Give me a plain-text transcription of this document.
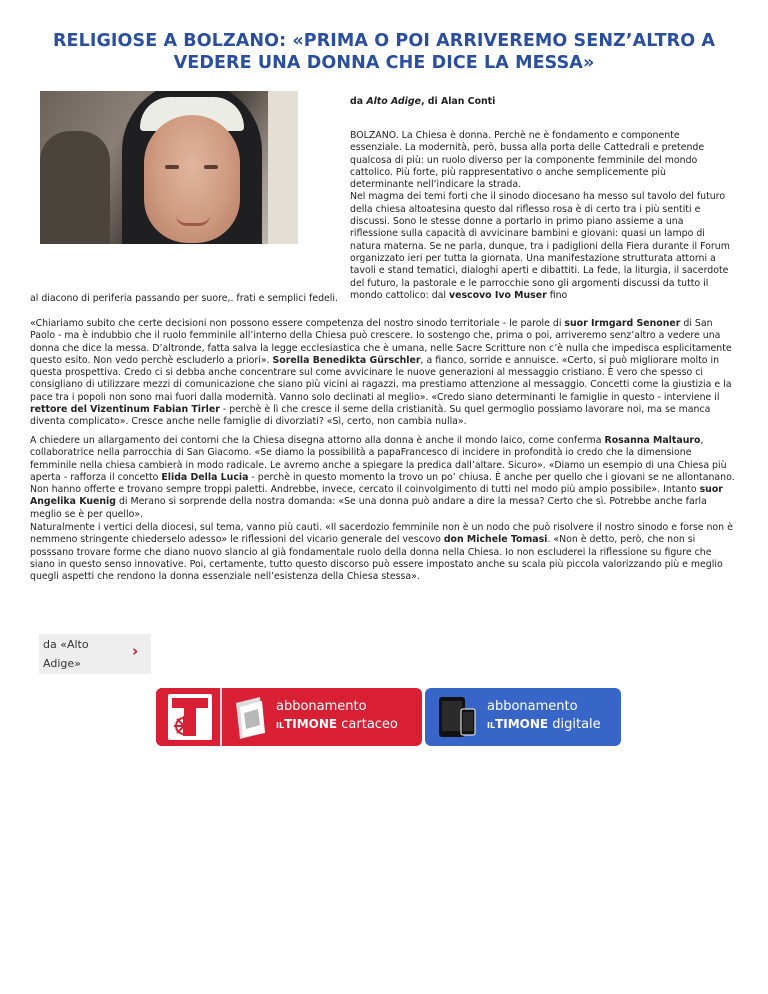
RELIGIOSE A BOLZANO: «PRIMA O POI ARRIVEREMO SENZ’ALTRO A VEDERE UNA DONNA CHE DICE LA MESSA»

da Alto Adige, di Alan Conti

BOLZANO. La Chiesa è donna. Perchè ne è fondamento e componente essenziale. La modernità, però, bussa alla porta delle Cattedrali e pretende qualcosa di più: un ruolo diverso per la componente femminile del mondo cattolico. Più forte, più rappresentativo o anche semplicemente più determinante nell’indicare la strada.
Nel magma dei temi forti che il sinodo diocesano ha messo sul tavolo del futuro della chiesa altoatesina questo dal riflesso rosa è di certo tra i più sentiti e discussi. Sono le stesse donne a portarlo in primo piano assieme a una riflessione sulla capacità di avvicinare bambini e giovani: quasi un lampo di natura materna. Se ne parla, dunque, tra i padiglioni della Fiera durante il Forum organizzato ieri per tutta la giornata. Una manifestazione strutturata attorni a tavoli e stand tematici, dialoghi aperti e dibattiti. La fede, la liturgia, il sacerdote del futuro, la pastorale e le parrocchie sono gli argomenti discussi da tutto il mondo cattolico: dal vescovo Ivo Muser fino

al diacono di periferia passando per suore,. frati e semplici fedeli.

«Chiariamo subito che certe decisioni non possono essere competenza del nostro sinodo territoriale - le parole di suor Irmgard Senoner di San Paolo - ma è indubbio che il ruolo femminile all’interno della Chiesa può crescere. Io sostengo che, prima o poi, arriveremo senz’altro a vedere una donna che dice la messa. D’altronde, fatta salva la legge ecclesiastica che è umana, nelle Sacre Scritture non c’è nulla che impedisca esplicitamente questo esito. Non vedo perchè escluderlo a priori». Sorella Benedikta Gürschler, a fianco, sorride e annuisce. «Certo, si può migliorare molto in questa prospettiva. Credo ci si debba anche concentrare sul come avvicinare le nuove generazioni al messaggio cristiano. È vero che spesso ci consigliano di utilizzare mezzi di comunicazione che siano più vicini ai ragazzi, ma prestiamo attenzione al messaggio. Concetti come la giustizia e la pace tra i popoli non sono mai fuori dalla modernità. Vanno solo declinati al meglio». «Credo siano determinanti le famiglie in questo - interviene il rettore del Vizentinum Fabian Tirler - perchè è lì che cresce il seme della cristianità. Su quel germoglio possiamo lavorare noi, ma se manca diventa complicato». Cresce anche nelle famiglie di divorziati? «Sì, certo, non cambia nulla».

A chiedere un allargamento dei contorni che la Chiesa disegna attorno alla donna è anche il mondo laico, come conferma Rosanna Maltauro, collaboratrice nella parrocchia di San Giacomo. «Se diamo la possibilità a papaFrancesco di incidere in profondità io credo che la dimensione femminile nella chiesa cambierà in modo radicale. Le avremo anche a spiegare la predica dall’altare. Sicuro». «Diamo un esempio di una Chiesa più aperta - rafforza il concetto Elida Della Lucia - perchè in questo momento la trovo un po’ chiusa. È anche per quello che i giovani se ne allontanano. Non hanno offerte e trovano sempre troppi paletti. Andrebbe, invece, cercato il coinvolgimento di tutti nel modo più ampio possibile». Intanto suor Angelika Kuenig di Merano si sorprende della nostra domanda: «Se una donna può andare a dire la messa? Certo che sì. Potrebbe anche farla meglio se è per quello».

Naturalmente i vertici della diocesi, sul tema, vanno più cauti. «Il sacerdozio femminile non è un nodo che può risolvere il nostro sinodo e forse non è nemmeno stringente chiederselo adesso» le riflessioni del vicario generale del vescovo don Michele Tomasi. «Non è detto, però, che non si posssano trovare forme che diano nuovo slancio al già fondamentale ruolo della donna nella Chiesa. Io non escluderei la riflessione su figure che siano in questo senso innovative. Poi, certamente, tutto questo discorso può essere impostato anche su scala più piccola valorizzando più e meglio quegli aspetti che rendono la donna essenziale nell’esistenza della Chiesa stessa».

da «Alto Adige»
›
abbonamento
ILTIMONE cartaceo
abbonamento
ILTIMONE digitale
